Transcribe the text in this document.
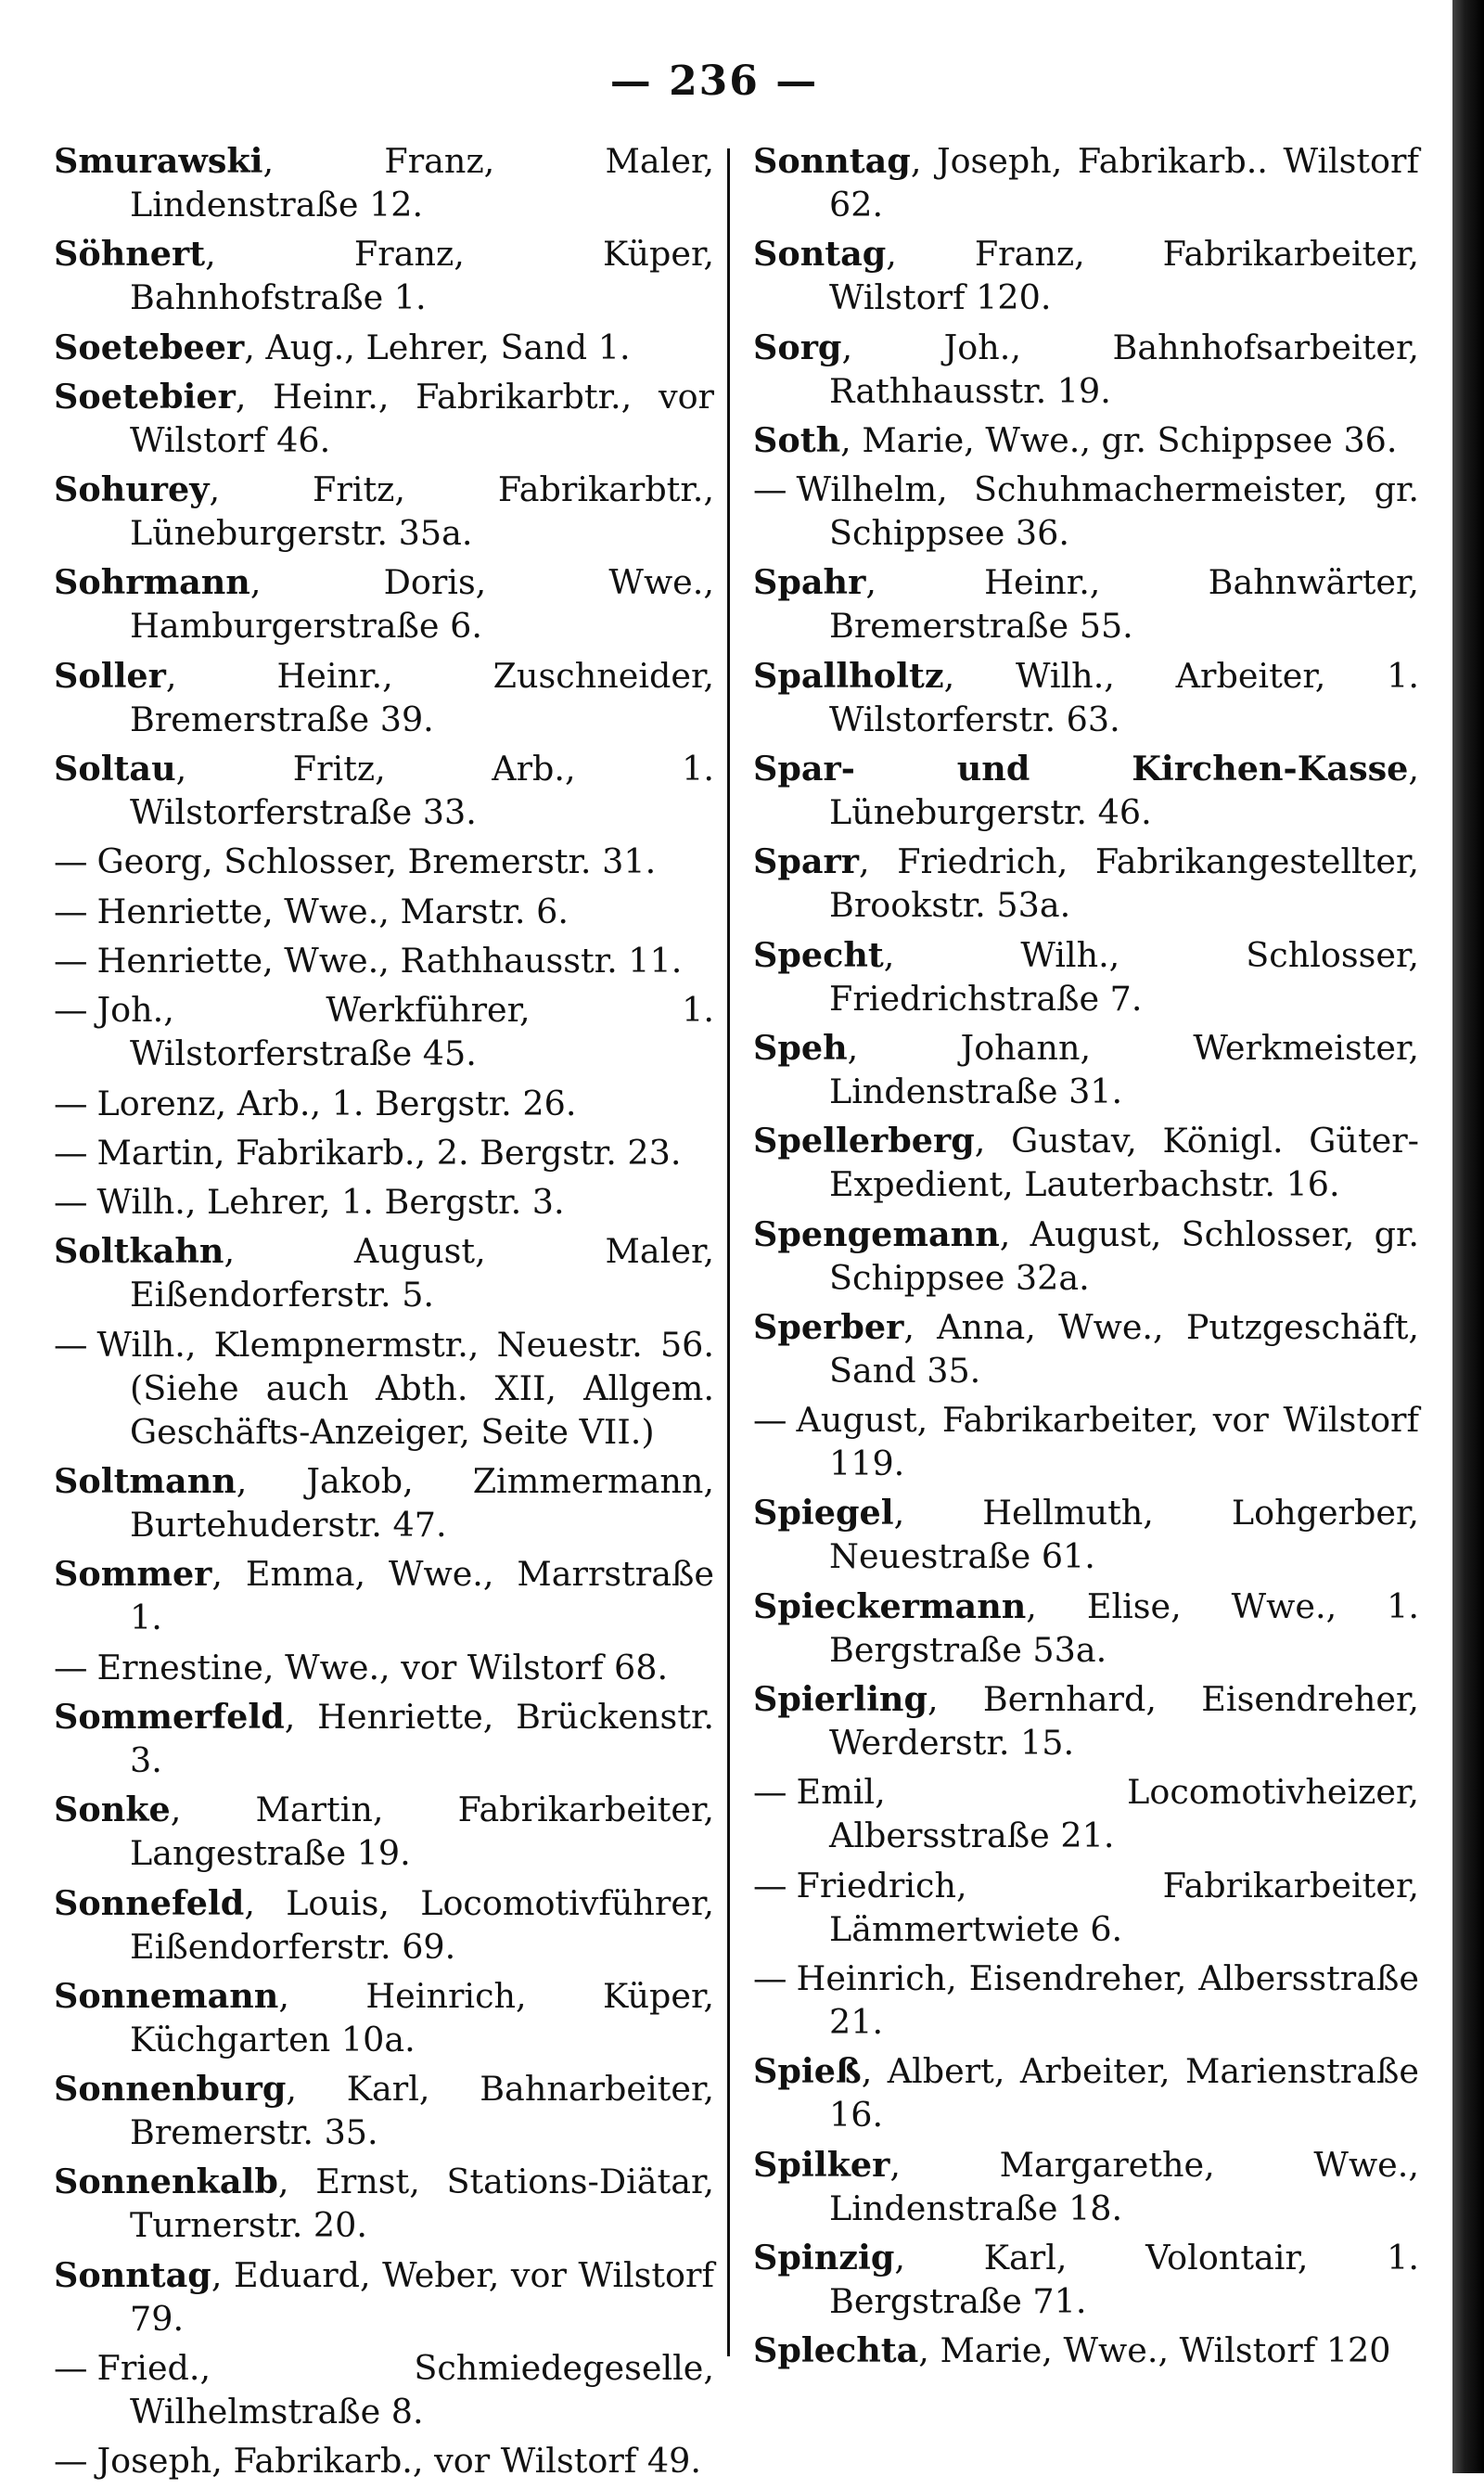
— 236 —

Smurawski, Franz, Maler, Lindenstraße 12.

Söhnert, Franz, Küper, Bahnhofstraße 1.

Soetebeer, Aug., Lehrer, Sand 1.

Soetebier, Heinr., Fabrikarbtr., vor Wilstorf 46.

Sohurey, Fritz, Fabrikarbtr., Lüneburgerstr. 35a.

Sohrmann, Doris, Wwe., Hamburgerstraße 6.

Soller, Heinr., Zuschneider, Bremerstraße 39.

Soltau, Fritz, Arb., 1. Wilstorferstraße 33.

— Georg, Schlosser, Bremerstr. 31.

— Henriette, Wwe., Marstr. 6.

— Henriette, Wwe., Rathhausstr. 11.

— Joh., Werkführer, 1. Wilstorferstraße 45.

— Lorenz, Arb., 1. Bergstr. 26.

— Martin, Fabrikarb., 2. Bergstr. 23.

— Wilh., Lehrer, 1. Bergstr. 3.

Soltkahn, August, Maler, Eißendorferstr. 5.

— Wilh., Klempnermstr., Neuestr. 56. (Siehe auch Abth. XII, Allgem. Geschäfts-Anzeiger, Seite VII.)

Soltmann, Jakob, Zimmermann, Burtehuderstr. 47.

Sommer, Emma, Wwe., Marrstraße 1.

— Ernestine, Wwe., vor Wilstorf 68.

Sommerfeld, Henriette, Brückenstr. 3.

Sonke, Martin, Fabrikarbeiter, Langestraße 19.

Sonnefeld, Louis, Locomotivführer, Eißendorferstr. 69.

Sonnemann, Heinrich, Küper, Küchgarten 10a.

Sonnenburg, Karl, Bahnarbeiter, Bremerstr. 35.

Sonnenkalb, Ernst, Stations-Diätar, Turnerstr. 20.

Sonntag, Eduard, Weber, vor Wilstorf 79.

— Fried., Schmiedegeselle, Wilhelmstraße 8.

— Joseph, Fabrikarb., vor Wilstorf 49.

Sonntag, Joseph, Fabrikarb.. Wilstorf 62.

Sontag, Franz, Fabrikarbeiter, Wilstorf 120.

Sorg, Joh., Bahnhofsarbeiter, Rathhausstr. 19.

Soth, Marie, Wwe., gr. Schippsee 36.

— Wilhelm, Schuhmachermeister, gr. Schippsee 36.

Spahr, Heinr., Bahnwärter, Bremerstraße 55.

Spallholtz, Wilh., Arbeiter, 1. Wilstorferstr. 63.

Spar- und Kirchen-Kasse, Lüneburgerstr. 46.

Sparr, Friedrich, Fabrikangestellter, Brookstr. 53a.

Specht, Wilh., Schlosser, Friedrichstraße 7.

Speh, Johann, Werkmeister, Lindenstraße 31.

Spellerberg, Gustav, Königl. Güter-Expedient, Lauterbachstr. 16.

Spengemann, August, Schlosser, gr. Schippsee 32a.

Sperber, Anna, Wwe., Putzgeschäft, Sand 35.

— August, Fabrikarbeiter, vor Wilstorf 119.

Spiegel, Hellmuth, Lohgerber, Neuestraße 61.

Spieckermann, Elise, Wwe., 1. Bergstraße 53a.

Spierling, Bernhard, Eisendreher, Werderstr. 15.

— Emil, Locomotivheizer, Albersstraße 21.

— Friedrich, Fabrikarbeiter, Lämmertwiete 6.

— Heinrich, Eisendreher, Albersstraße 21.

Spieß, Albert, Arbeiter, Marienstraße 16.

Spilker, Margarethe, Wwe., Lindenstraße 18.

Spinzig, Karl, Volontair, 1. Bergstraße 71.

Splechta, Marie, Wwe., Wilstorf 120
